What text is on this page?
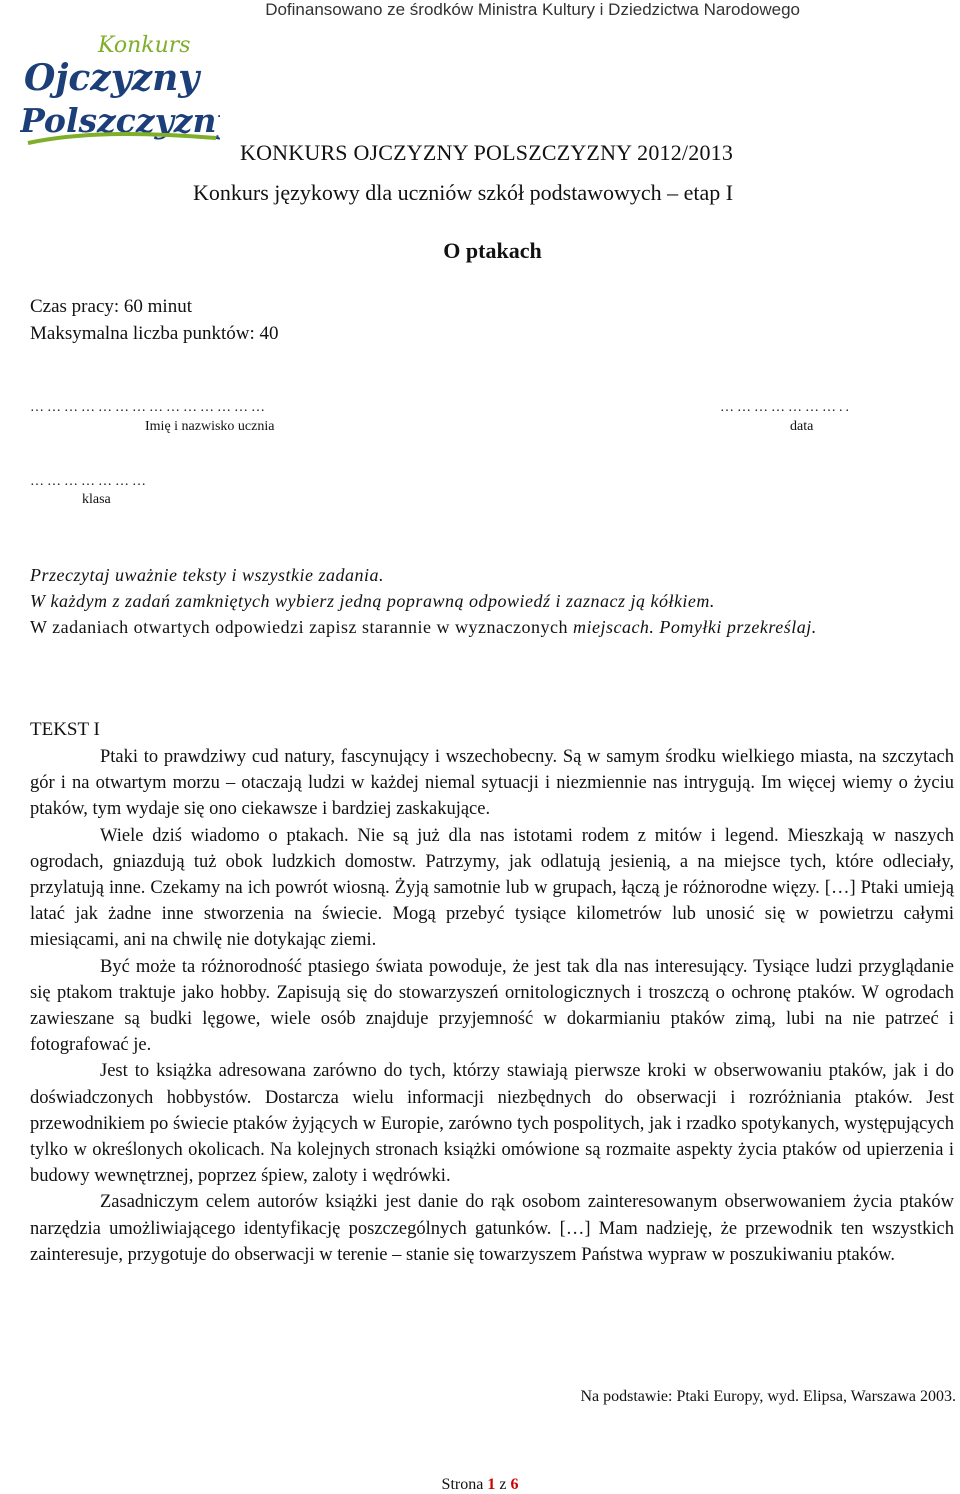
Dofinansowano ze środków Ministra Kultury i Dziedzictwa Narodowego
Konkurs
Ojczyzny
Polszczyzny
KONKURS OJCZYZNY POLSZCZYZNY 2012/2013
Konkurs językowy dla uczniów szkół podstawowych – etap I
O ptakach
Czas pracy: 60 minut
Maksymalna liczba punktów: 40
……………………………………
Imię i nazwisko ucznia
…………………..
data
…………………
klasa

Przeczytaj uważnie teksty i wszystkie zadania.

W każdym z zadań zamkniętych wybierz jedną poprawną odpowiedź i zaznacz ją kółkiem.

W zadaniach otwartych odpowiedzi zapisz starannie w wyznaczonych miejscach. Pomyłki przekreślaj.

TEKST I

Ptaki to prawdziwy cud natury, fascynujący i wszechobecny. Są w samym środku wielkiego miasta, na szczytach gór i na otwartym morzu – otaczają ludzi w każdej niemal sytuacji i niezmiennie nas intrygują. Im więcej wiemy o życiu ptaków, tym wydaje się ono ciekawsze i bardziej zaskakujące.

Wiele dziś wiadomo o ptakach. Nie są już dla nas istotami rodem z mitów i legend. Mieszkają w naszych ogrodach, gniazdują tuż obok ludzkich domostw. Patrzymy, jak odlatują jesienią, a na miejsce tych, które odleciały, przylatują inne. Czekamy na ich powrót wiosną. Żyją samotnie lub w grupach, łączą je różnorodne więzy. […] Ptaki umieją latać jak żadne inne stworzenia na świecie. Mogą przebyć tysiące kilometrów lub unosić się w powietrzu całymi miesiącami, ani na chwilę nie dotykając ziemi.

Być może ta różnorodność ptasiego świata powoduje, że jest tak dla nas interesujący. Tysiące ludzi przyglądanie się ptakom traktuje jako hobby. Zapisują się do stowarzyszeń ornitologicznych i troszczą o ochronę ptaków. W ogrodach zawieszane są budki lęgowe, wiele osób znajduje przyjemność w dokarmianiu ptaków zimą, lubi na nie patrzeć i fotografować je.

Jest to książka adresowana zarówno do tych, którzy stawiają pierwsze kroki w obserwowaniu ptaków, jak i do doświadczonych hobbystów. Dostarcza wielu informacji niezbędnych do obserwacji i rozróżniania ptaków. Jest przewodnikiem po świecie ptaków żyjących w Europie, zarówno tych pospolitych, jak i rzadko spotykanych, występujących tylko w określonych okolicach. Na kolejnych stronach książki omówione są rozmaite aspekty życia ptaków od upierzenia i budowy wewnętrznej, poprzez śpiew, zaloty i wędrówki.

Zasadniczym celem autorów książki jest danie do rąk osobom zainteresowanym obserwowaniem życia ptaków narzędzia umożliwiającego identyfikację poszczególnych gatunków. […] Mam nadzieję, że przewodnik ten wszystkich zainteresuje, przygotuje do obserwacji w terenie – stanie się towarzyszem Państwa wypraw w poszukiwaniu ptaków.

Na podstawie: Ptaki Europy, wyd. Elipsa, Warszawa 2003.
Strona 1 z 6
